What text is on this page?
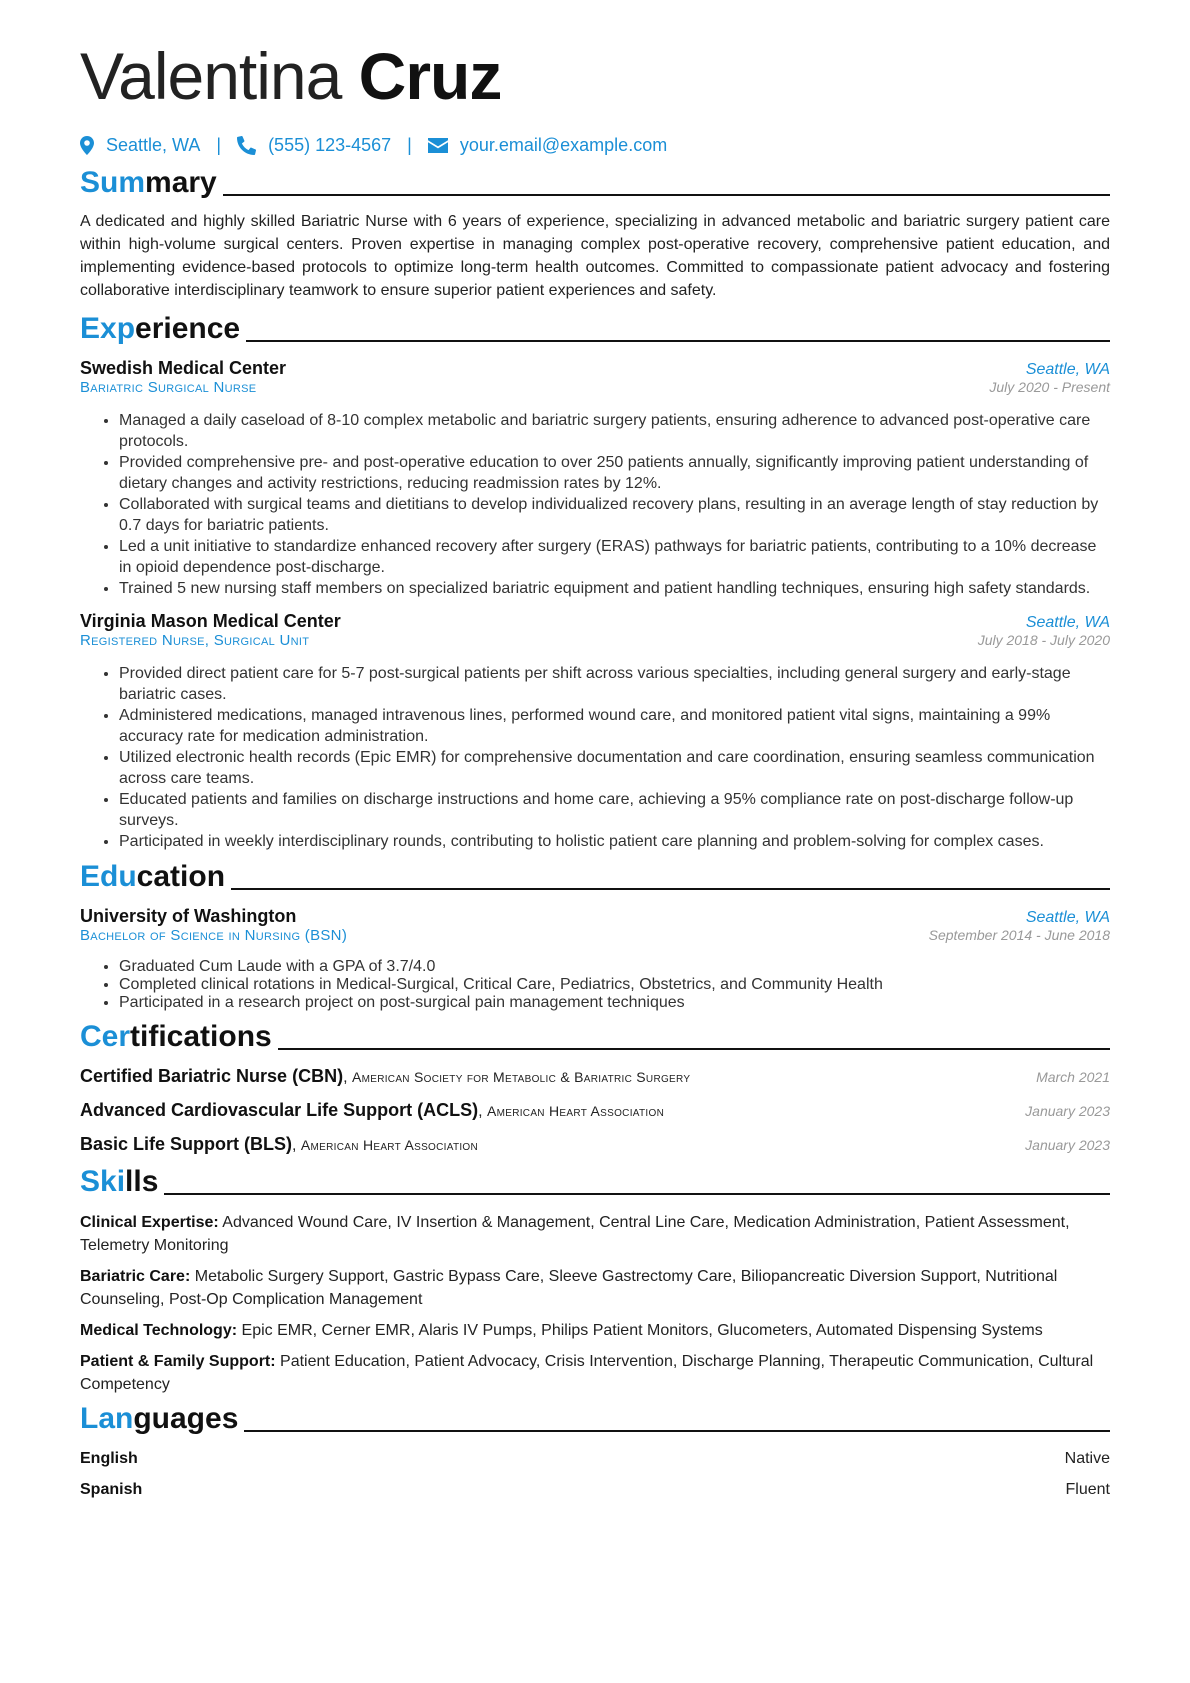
Valentina Cruz
Seattle, WA |	(555) 123-4567 |	your.email@example.com
Summary
A dedicated and highly skilled Bariatric Nurse with 6 years of experience, specializing in advanced metabolic and bariatric surgery patient care within high-volume surgical centers. Proven expertise in managing complex post-operative recovery, comprehensive patient education, and implementing evidence-based protocols to optimize long-term health outcomes. Committed to compassionate patient advocacy and fostering collaborative interdisciplinary teamwork to ensure superior patient experiences and safety.
Experience
Swedish Medical Center	Seattle, WA
Bariatric Surgical Nurse	July 2020 - Present
• Managed a daily caseload of 8-10 complex metabolic and bariatric surgery patients, ensuring adherence to advanced post-operative care protocols.
• Provided comprehensive pre- and post-operative education to over 250 patients annually, significantly improving patient understanding of dietary changes and activity restrictions, reducing readmission rates by 12%.
• Collaborated with surgical teams and dietitians to develop individualized recovery plans, resulting in an average length of stay reduction by 0.7 days for bariatric patients.
• Led a unit initiative to standardize enhanced recovery after surgery (ERAS) pathways for bariatric patients, contributing to a 10% decrease in opioid dependence post-discharge.
• Trained 5 new nursing staff members on specialized bariatric equipment and patient handling techniques, ensuring high safety standards.
Virginia Mason Medical Center	Seattle, WA
Registered Nurse, Surgical Unit	July 2018 - July 2020
• Provided direct patient care for 5-7 post-surgical patients per shift across various specialties, including general surgery and early-stage bariatric cases.
• Administered medications, managed intravenous lines, performed wound care, and monitored patient vital signs, maintaining a 99% accuracy rate for medication administration.
• Utilized electronic health records (Epic EMR) for comprehensive documentation and care coordination, ensuring seamless communication across care teams.
• Educated patients and families on discharge instructions and home care, achieving a 95% compliance rate on post-discharge follow-up surveys.
• Participated in weekly interdisciplinary rounds, contributing to holistic patient care planning and problem-solving for complex cases.
Education
University of Washington	Seattle, WA
Bachelor of Science in Nursing (BSN)	September 2014 - June 2018
• Graduated Cum Laude with a GPA of 3.7/4.0
• Completed clinical rotations in Medical-Surgical, Critical Care, Pediatrics, Obstetrics, and Community Health
• Participated in a research project on post-surgical pain management techniques
Certifications
Certified Bariatric Nurse (CBN), American Society for Metabolic & Bariatric Surgery	March 2021
Advanced Cardiovascular Life Support (ACLS), American Heart Association	January 2023
Basic Life Support (BLS), American Heart Association	January 2023
Skills
Clinical Expertise: Advanced Wound Care, IV Insertion & Management, Central Line Care, Medication Administration, Patient Assessment, Telemetry Monitoring
Bariatric Care: Metabolic Surgery Support, Gastric Bypass Care, Sleeve Gastrectomy Care, Biliopancreatic Diversion Support, Nutritional Counseling, Post-Op Complication Management
Medical Technology: Epic EMR, Cerner EMR, Alaris IV Pumps, Philips Patient Monitors, Glucometers, Automated Dispensing Systems
Patient & Family Support: Patient Education, Patient Advocacy, Crisis Intervention, Discharge Planning, Therapeutic Communication, Cultural Competency
Languages
English	Native
Spanish	Fluent
